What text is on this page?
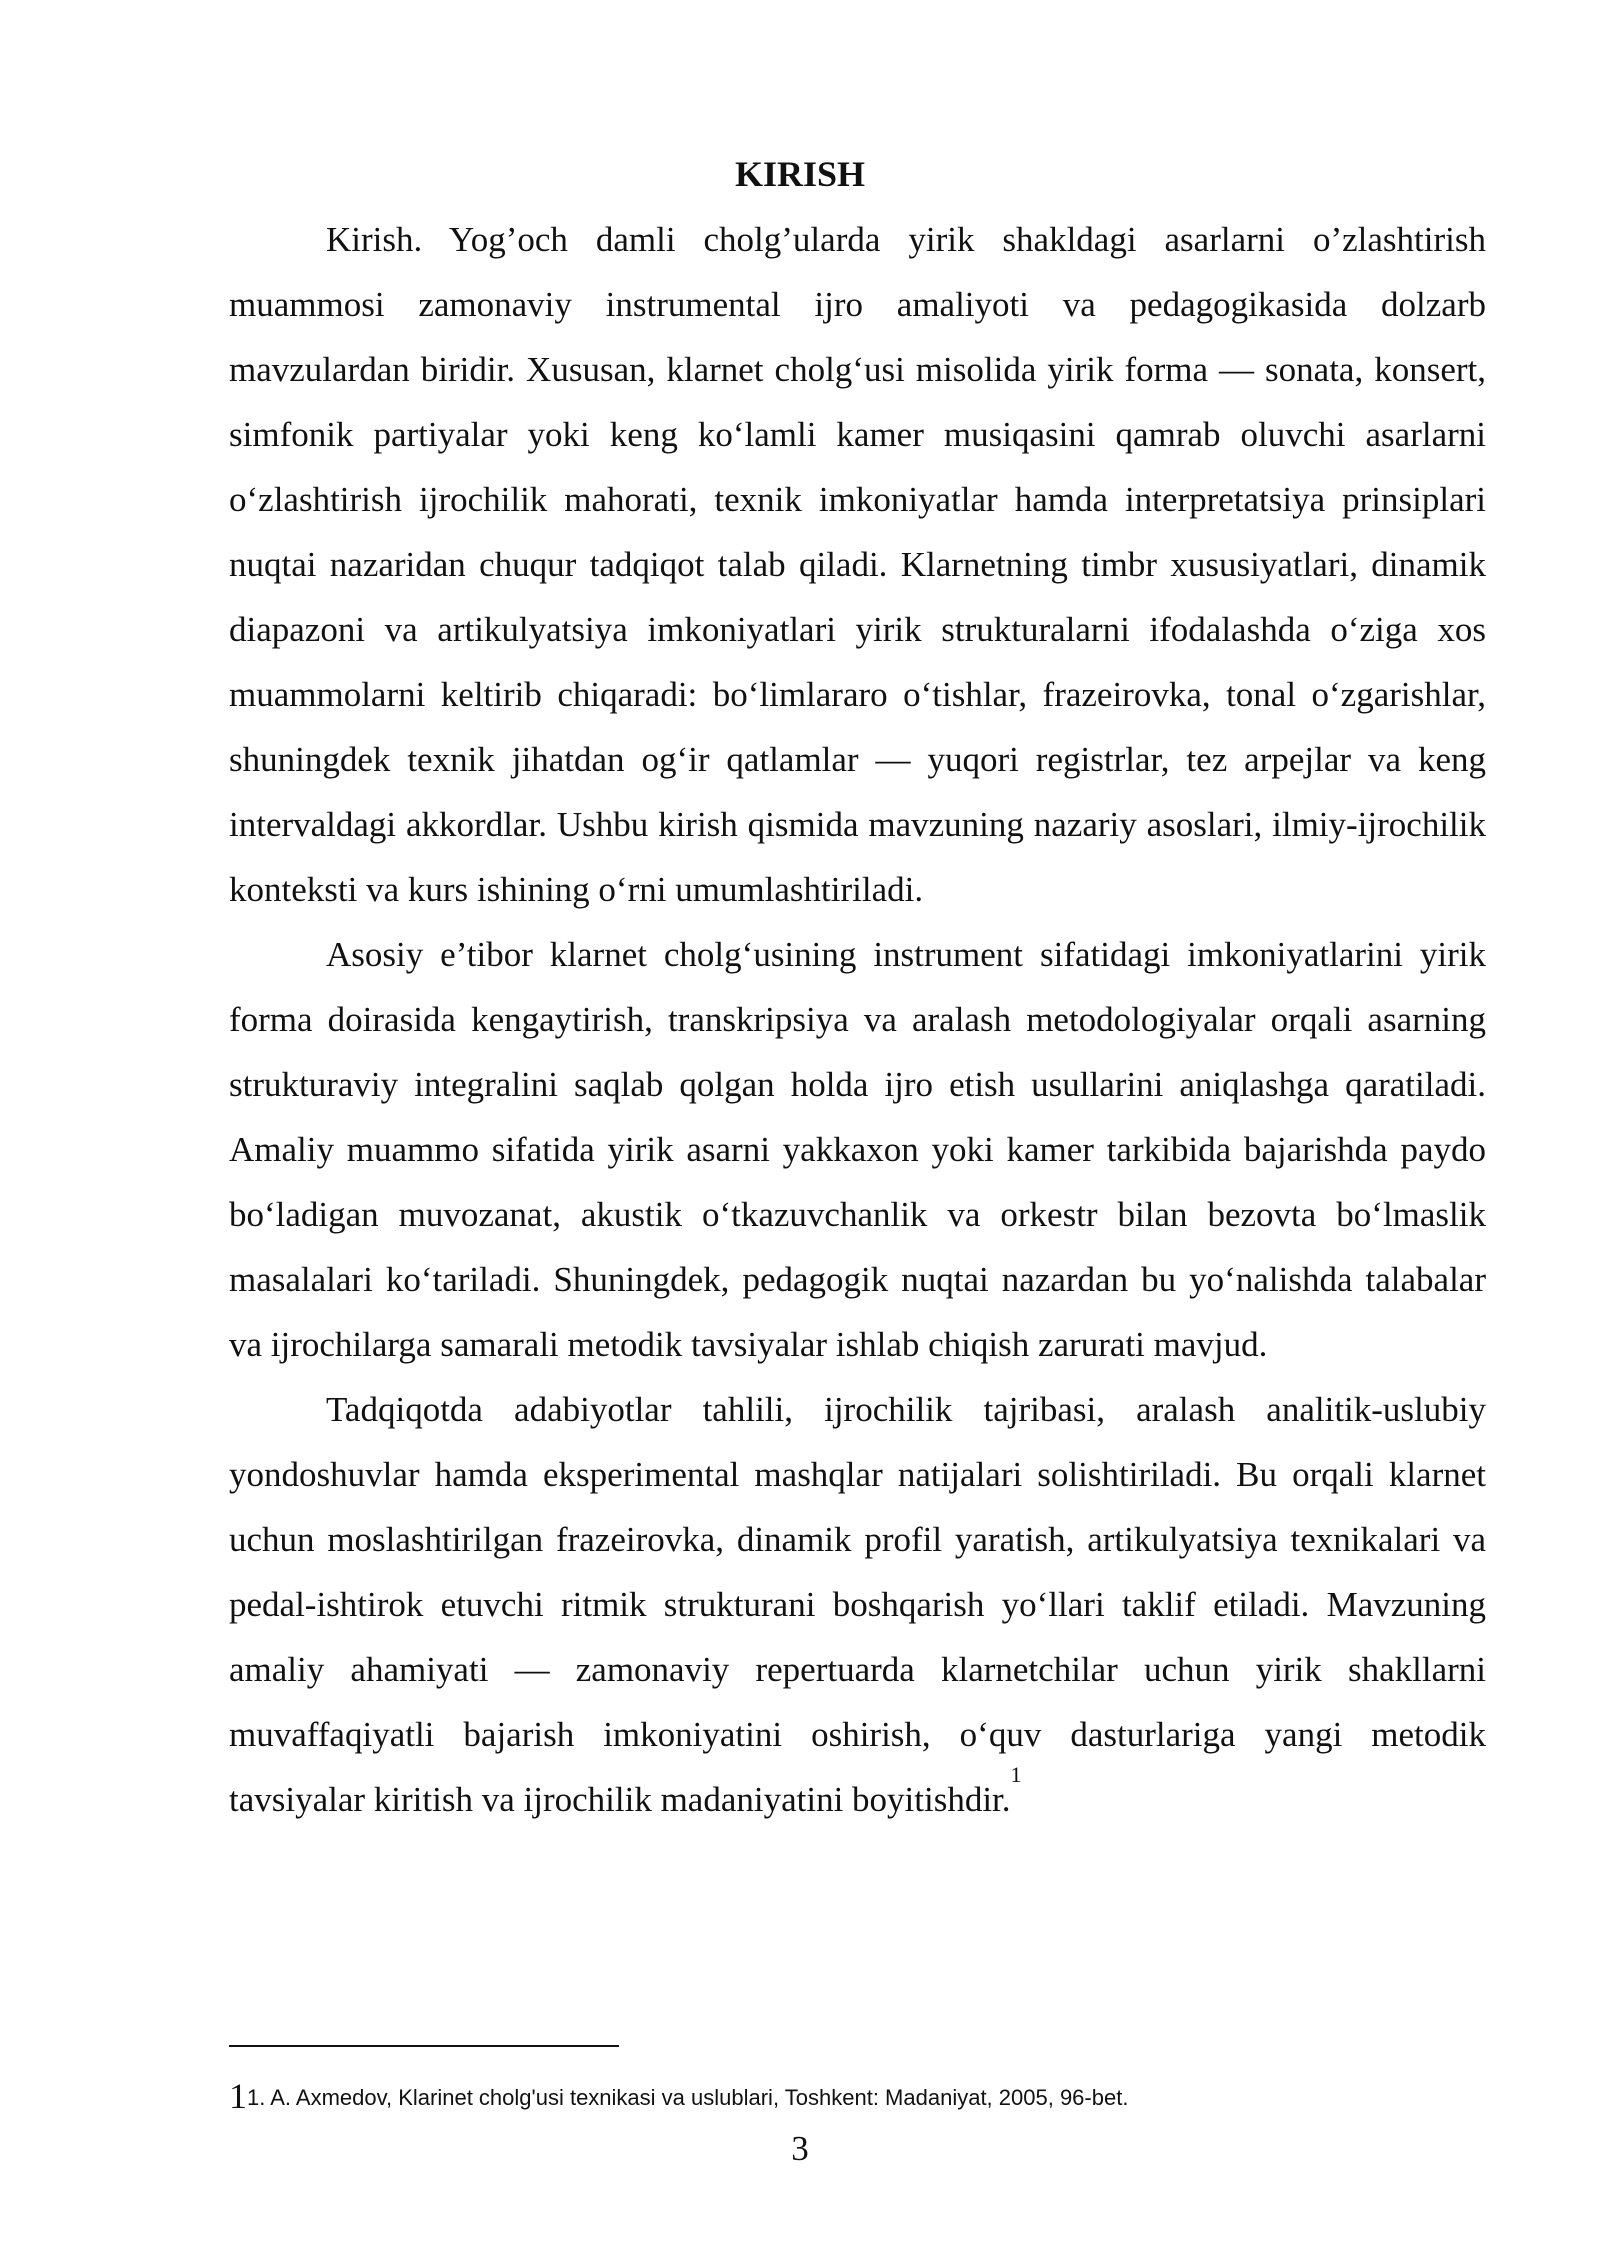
KIRISH

Kirish. Yog’och damli cholg’ularda yirik shakldagi asarlarni o’zlashtirish muammosi zamonaviy instrumental ijro amaliyoti va pedagogikasida dolzarb mavzulardan biridir. Xususan, klarnet cholg‘usi misolida yirik forma — sonata, konsert, simfonik partiyalar yoki keng ko‘lamli kamer musiqasini qamrab oluvchi asarlarni o‘zlashtirish ijrochilik mahorati, texnik imkoniyatlar hamda interpretatsiya prinsiplari nuqtai nazaridan chuqur tadqiqot talab qiladi. Klarnetning timbr xususiyatlari, dinamik diapazoni va artikulyatsiya imkoniyatlari yirik strukturalarni ifodalashda o‘ziga xos muammolarni keltirib chiqaradi: bo‘limlararo o‘tishlar, frazeirovka, tonal o‘zgarishlar, shuningdek texnik jihatdan og‘ir qatlamlar — yuqori registrlar, tez arpejlar va keng intervaldagi akkordlar. Ushbu kirish qismida mavzuning nazariy asoslari, ilmiy-ijrochilik konteksti va kurs ishining o‘rni umumlashtiriladi.

Asosiy e’tibor klarnet cholg‘usining instrument sifatidagi imkoniyatlarini yirik forma doirasida kengaytirish, transkripsiya va aralash metodologiyalar orqali asarning strukturaviy integralini saqlab qolgan holda ijro etish usullarini aniqlashga qaratiladi. Amaliy muammo sifatida yirik asarni yakkaxon yoki kamer tarkibida bajarishda paydo bo‘ladigan muvozanat, akustik o‘tkazuvchanlik va orkestr bilan bezovta bo‘lmaslik masalalari ko‘tariladi. Shuningdek, pedagogik nuqtai nazardan bu yo‘nalishda talabalar va ijrochilarga samarali metodik tavsiyalar ishlab chiqish zarurati mavjud.

Tadqiqotda adabiyotlar tahlili, ijrochilik tajribasi, aralash analitik-uslubiy yondoshuvlar hamda eksperimental mashqlar natijalari solishtiriladi. Bu orqali klarnet uchun moslashtirilgan frazeirovka, dinamik profil yaratish, artikulyatsiya texnikalari va pedal-ishtirok etuvchi ritmik strukturani boshqarish yo‘llari taklif etiladi. Mavzuning amaliy ahamiyati — zamonaviy repertuarda klarnetchilar uchun yirik shakllarni muvaffaqiyatli bajarish imkoniyatini oshirish, o‘quv dasturlariga yangi metodik tavsiyalar kiritish va ijrochilik madaniyatini boyitishdir.$^1$

11. A. Axmedov, Klarinet cholg'usi texnikasi va uslublari, Toshkent: Madaniyat, 2005, 96-bet.
3
